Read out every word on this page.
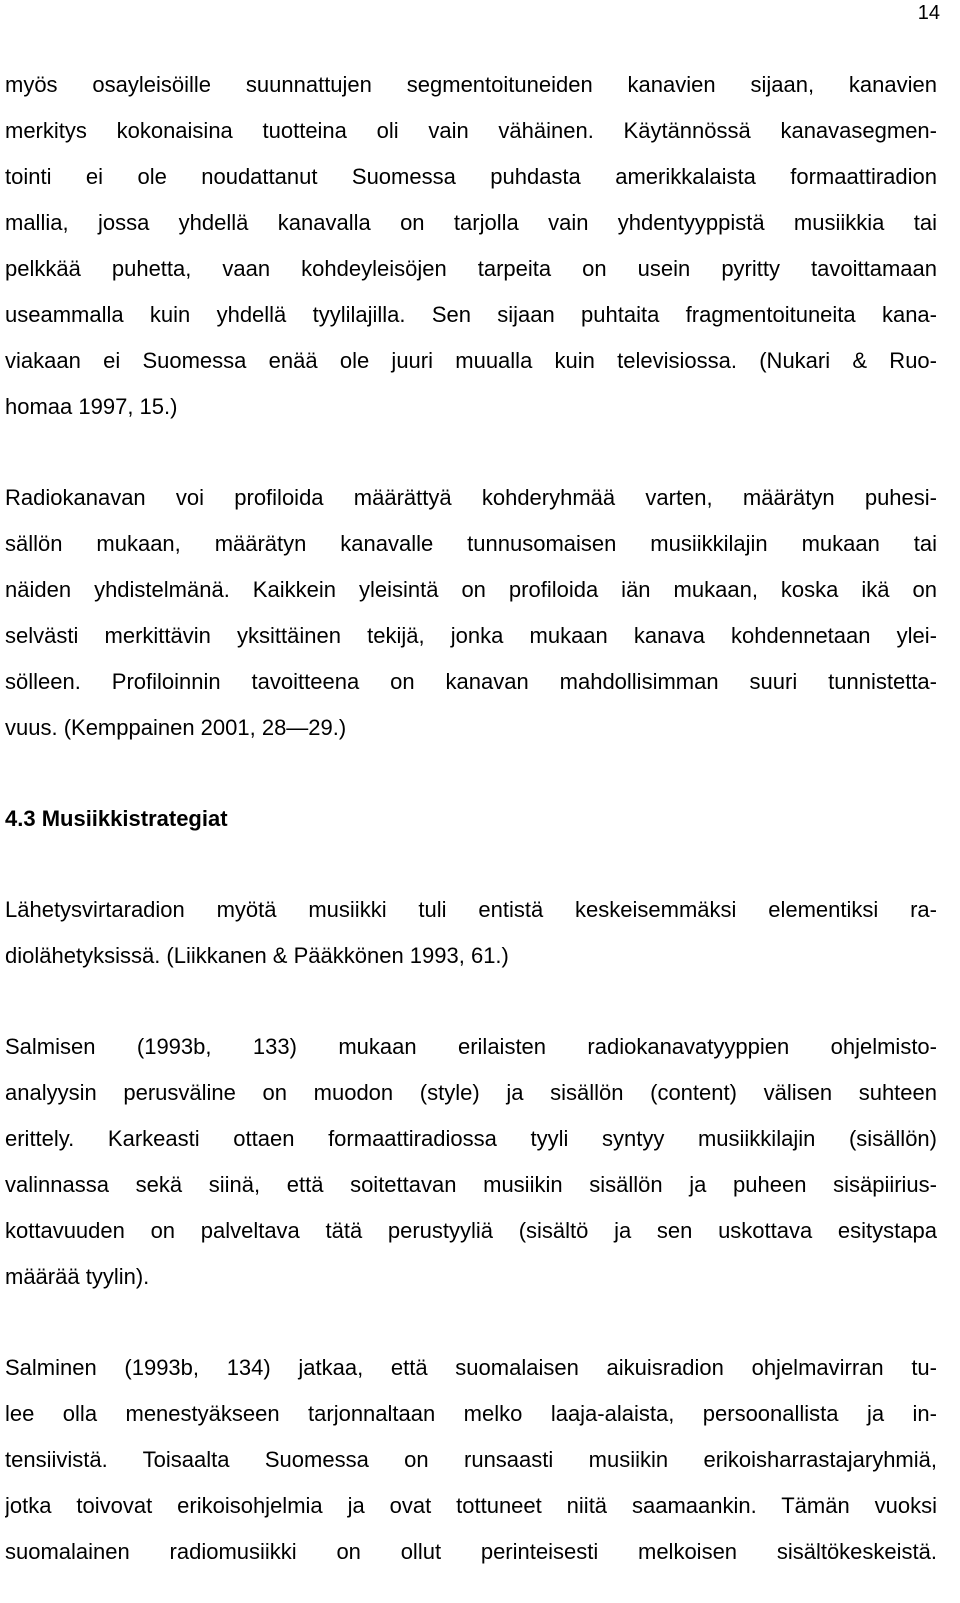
14
myös osayleisöille suunnattujen segmentoituneiden kanavien sijaan, kanavien
merkitys kokonaisina tuotteina oli vain vähäinen. Käytännössä kanavasegmen-
tointi ei ole noudattanut Suomessa puhdasta amerikkalaista formaattiradion
mallia, jossa yhdellä kanavalla on tarjolla vain yhdentyyppistä musiikkia tai
pelkkää puhetta, vaan kohdeyleisöjen tarpeita on usein pyritty tavoittamaan
useammalla kuin yhdellä tyylilajilla. Sen sijaan puhtaita fragmentoituneita kana-
viakaan ei Suomessa enää ole juuri muualla kuin televisiossa. (Nukari & Ruo-
homaa 1997, 15.)
Radiokanavan voi profiloida määrättyä kohderyhmää varten, määrätyn puhesi-
sällön mukaan, määrätyn kanavalle tunnusomaisen musiikkilajin mukaan tai
näiden yhdistelmänä. Kaikkein yleisintä on profiloida iän mukaan, koska ikä on
selvästi merkittävin yksittäinen tekijä, jonka mukaan kanava kohdennetaan ylei-
sölleen. Profiloinnin tavoitteena on kanavan mahdollisimman suuri tunnistetta-
vuus. (Kemppainen 2001, 28—29.)
4.3 Musiikkistrategiat
Lähetysvirtaradion myötä musiikki tuli entistä keskeisemmäksi elementiksi ra-
diolähetyksissä. (Liikkanen & Pääkkönen 1993, 61.)
Salmisen (1993b, 133) mukaan erilaisten radiokanavatyyppien ohjelmisto-
analyysin perusväline on muodon (style) ja sisällön (content) välisen suhteen
erittely. Karkeasti ottaen formaattiradiossa tyyli syntyy musiikkilajin (sisällön)
valinnassa sekä siinä, että soitettavan musiikin sisällön ja puheen sisäpiirius-
kottavuuden on palveltava tätä perustyyliä (sisältö ja sen uskottava esitystapa
määrää tyylin).
Salminen (1993b, 134) jatkaa, että suomalaisen aikuisradion ohjelmavirran tu-
lee olla menestyäkseen tarjonnaltaan melko laaja-alaista, persoonallista ja in-
tensiivistä. Toisaalta Suomessa on runsaasti musiikin erikoisharrastajaryhmiä,
jotka toivovat erikoisohjelmia ja ovat tottuneet niitä saamaankin. Tämän vuoksi
suomalainen radiomusiikki on ollut perinteisesti melkoisen sisältökeskeistä.
